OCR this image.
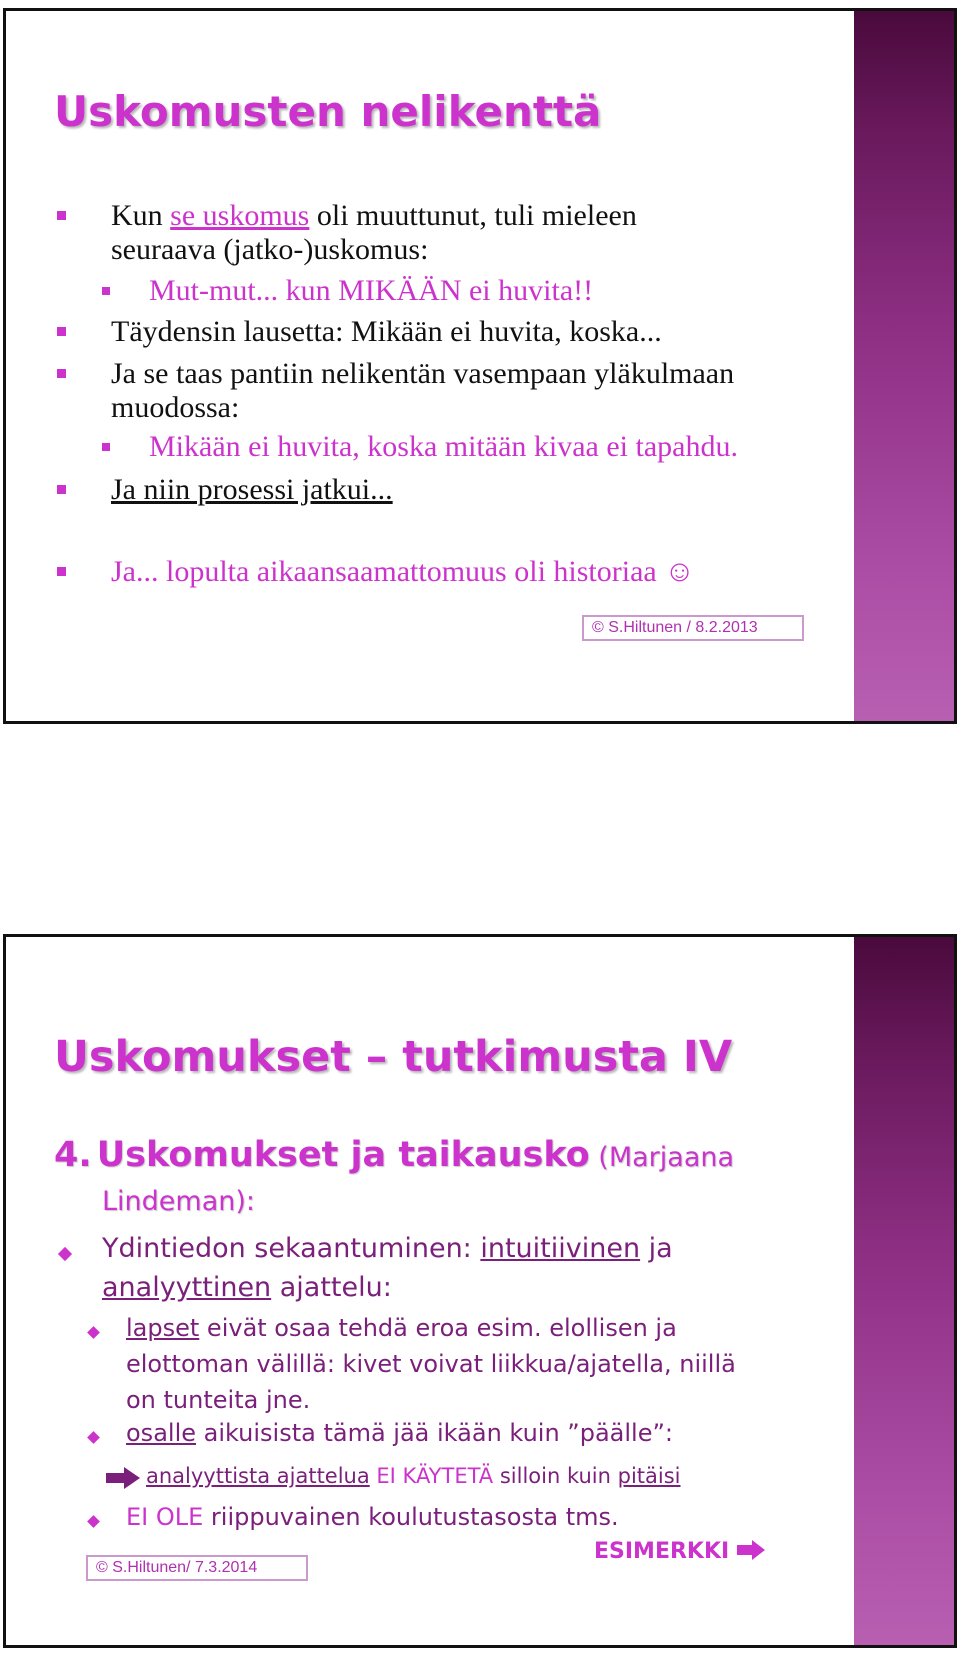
Uskomusten nelikenttä
Kun se uskomus oli muuttunut, tuli mieleen
seuraava (jatko-)uskomus:
Mut-mut... kun MIKÄÄN ei huvita!!
Täydensin lausetta: Mikään ei huvita, koska...
Ja se taas pantiin nelikentän vasempaan yläkulmaan
muodossa:
Mikään ei huvita, koska mitään kivaa ei tapahdu.
Ja niin prosessi jatkui...
Ja... lopulta aikaansaamattomuus oli historiaa ☺
© S.Hiltunen / 8.2.2013
Uskomukset – tutkimusta IV
4. Uskomukset ja taikausko (Marjaana
Lindeman):
Ydintiedon sekaantuminen: intuitiivinen ja
analyyttinen ajattelu:
lapset eivät osaa tehdä eroa esim. elollisen ja
elottoman välillä: kivet voivat liikkua/ajatella, niillä
on tunteita jne.
osalle aikuisista tämä jää ikään kuin ”päälle”:
analyyttista ajattelua EI KÄYTETÄ silloin kuin pitäisi
EI OLE riippuvainen koulutustasosta tms.
ESIMERKKI
© S.Hiltunen/ 7.3.2014
